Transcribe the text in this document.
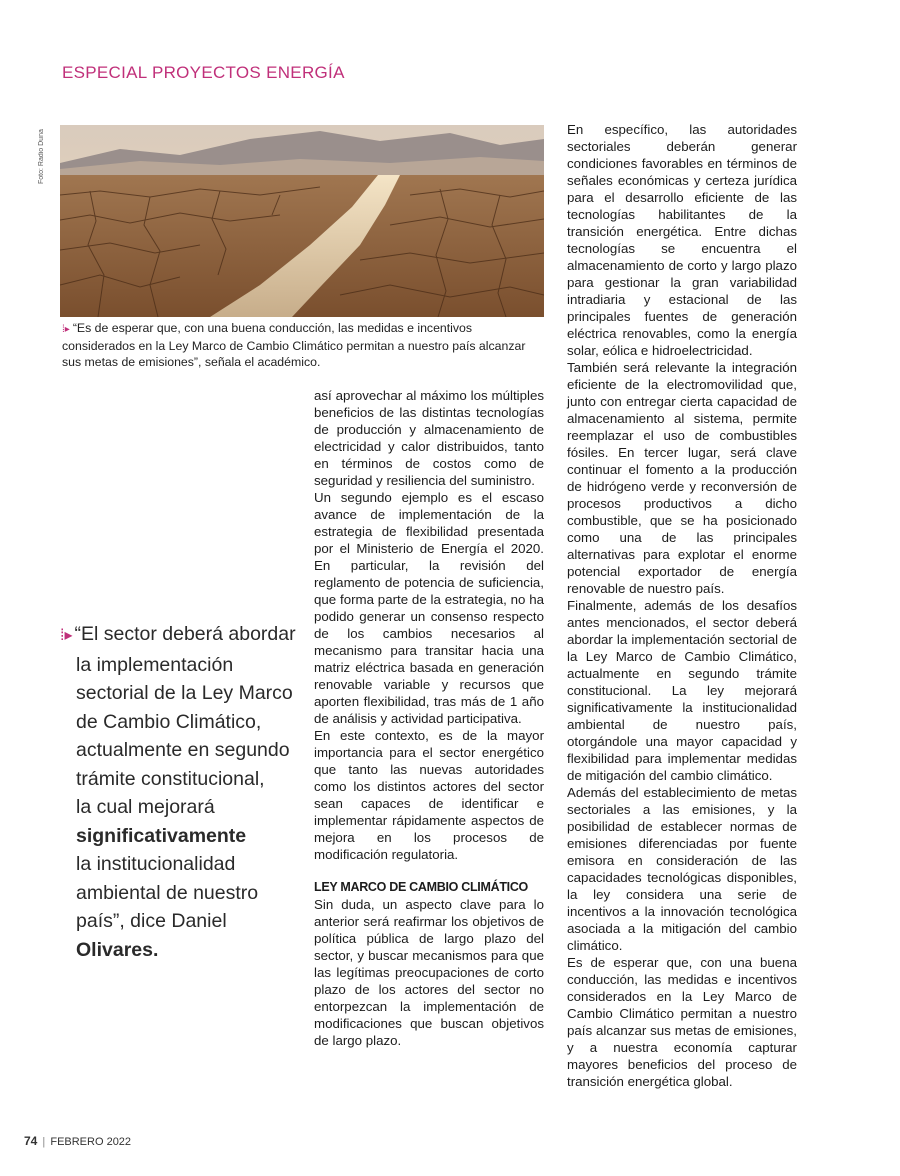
ESPECIAL PROYECTOS ENERGÍA
Foto: Radio Duna
⁞▸ “Es de esperar que, con una buena conducción, las medidas e incentivos considerados en la Ley Marco de Cambio Climático permitan a nuestro país alcanzar sus metas de emisiones”, señala el académico.
⁞▸ “El sector deberá abordar
la implementación
sectorial de la Ley Marco
de Cambio Climático,
actualmente en segundo
trámite constitucional,
la cual mejorará
significativamente
la institucionalidad
ambiental de nuestro
país”, dice Daniel
Olivares.

así aprovechar al máximo los múltiples beneficios de las distintas tecnologías de producción y almacenamiento de electricidad y calor distribuidos, tanto en términos de costos como de seguridad y resiliencia del suministro.

Un segundo ejemplo es el escaso avance de implementación de la estrategia de flexibilidad presentada por el Ministerio de Energía el 2020. En particular, la revisión del reglamento de potencia de suficiencia, que forma parte de la estrategia, no ha podido generar un consenso respecto de los cambios necesarios al mecanismo para transitar hacia una matriz eléctrica basada en generación renovable variable y recursos que aporten flexibilidad, tras más de 1 año de análisis y actividad participativa.

En este contexto, es de la mayor importancia para el sector energético que tanto las nuevas autoridades como los distintos actores del sector sean capaces de identificar e implementar rápidamente aspectos de mejora en los procesos de modificación regulatoria.

LEY MARCO DE CAMBIO CLIMÁTICO

Sin duda, un aspecto clave para lo anterior será reafirmar los objetivos de política pública de largo plazo del sector, y buscar mecanismos para que las legítimas preocupaciones de corto plazo de los actores del sector no entorpezcan la implementación de modificaciones que buscan objetivos de largo plazo.

En específico, las autoridades sectoriales deberán generar condiciones favorables en términos de señales económicas y certeza jurídica para el desarrollo eficiente de las tecnologías habilitantes de la transición energética. Entre dichas tecnologías se encuentra el almacenamiento de corto y largo plazo para gestionar la gran variabilidad intradiaria y estacional de las principales fuentes de generación eléctrica renovables, como la energía solar, eólica e hidroelectricidad.

También será relevante la integración eficiente de la electromovilidad que, junto con entregar cierta capacidad de almacenamiento al sistema, permite reemplazar el uso de combustibles fósiles. En tercer lugar, será clave continuar el fomento a la producción de hidrógeno verde y reconversión de procesos productivos a dicho combustible, que se ha posicionado como una de las principales alternativas para explotar el enorme potencial exportador de energía renovable de nuestro país.

Finalmente, además de los desafíos antes mencionados, el sector deberá abordar la implementación sectorial de la Ley Marco de Cambio Climático, actualmente en segundo trámite constitucional. La ley mejorará significativamente la institucionalidad ambiental de nuestro país, otorgándole una mayor capacidad y flexibilidad para implementar medidas de mitigación del cambio climático.

Además del establecimiento de metas sectoriales a las emisiones, y la posibilidad de establecer normas de emisiones diferenciadas por fuente emisora en consideración de las capacidades tecnológicas disponibles, la ley considera una serie de incentivos a la innovación tecnológica asociada a la mitigación del cambio climático.

Es de esperar que, con una buena conducción, las medidas e incentivos considerados en la Ley Marco de Cambio Climático permitan a nuestro país alcanzar sus metas de emisiones, y a nuestra economía capturar mayores beneficios del proceso de transición energética global.

74 | FEBRERO 2022
